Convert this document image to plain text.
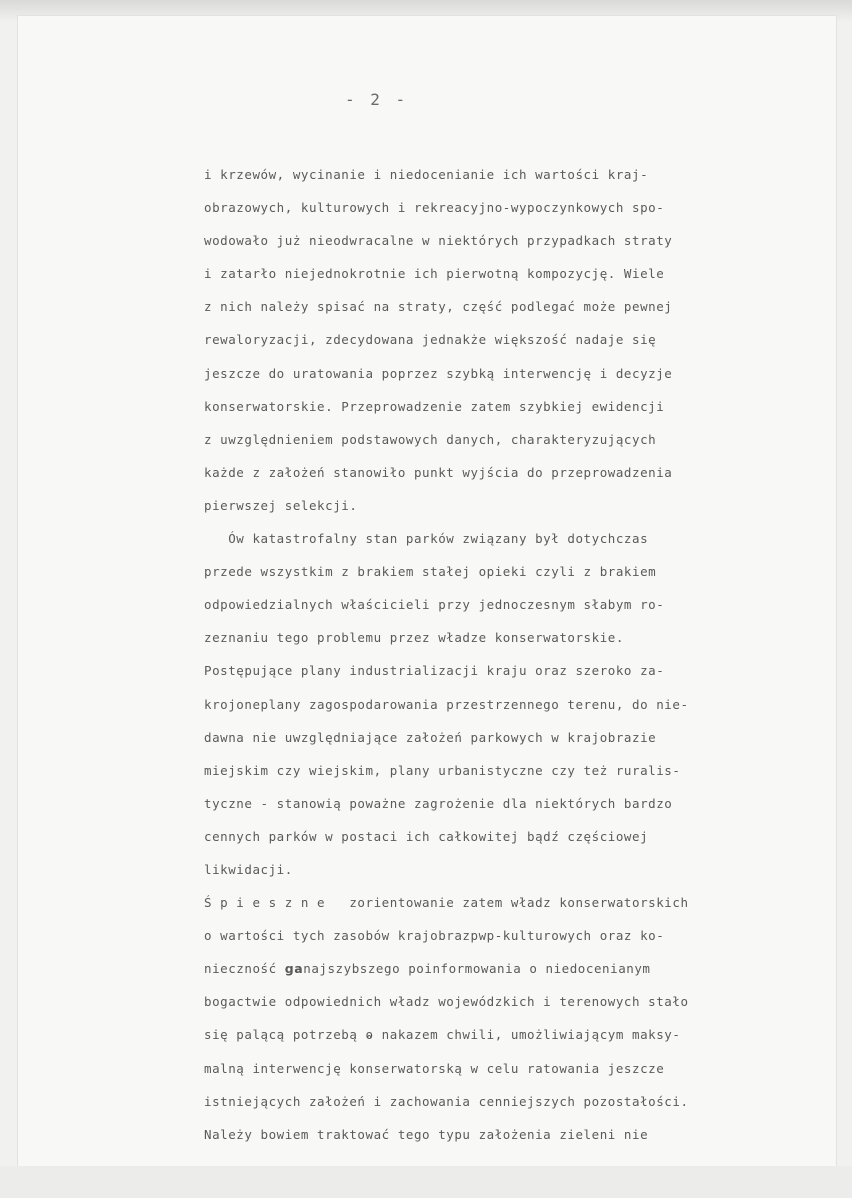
- 2 -
i krzewów, wycinanie i niedocenianie ich wartości kraj-
obrazowych, kulturowych i rekreacyjno-wypoczynkowych spo-
wodowało już nieodwracalne w niektórych przypadkach straty
i zatarło niejednokrotnie ich pierwotną kompozycję. Wiele
z nich należy spisać na straty, część podlegać może pewnej
rewaloryzacji, zdecydowana jednakże większość nadaje się
jeszcze do uratowania poprzez szybką interwencję i decyzje
konserwatorskie. Przeprowadzenie zatem szybkiej ewidencji
z uwzględnieniem podstawowych danych, charakteryzujących
każde z założeń stanowiło punkt wyjścia do przeprowadzenia
pierwszej selekcji.
Ów katastrofalny stan parków związany był dotychczas
przede wszystkim z brakiem stałej opieki czyli z brakiem
odpowiedzialnych właścicieli przy jednoczesnym słabym ro-
zeznaniu tego problemu przez władze konserwatorskie.
Postępujące plany industrializacji kraju oraz szeroko za-
krojoneplany zagospodarowania przestrzennego terenu, do nie-
dawna nie uwzględniające założeń parkowych w krajobrazie
miejskim czy wiejskim, plany urbanistyczne czy też ruralis-
tyczne - stanowią poważne zagrożenie dla niektórych bardzo
cennych parków w postaci ich całkowitej bądź częściowej
likwidacji.
Ś p i e s z n e   zorientowanie zatem władz konserwatorskich
o wartości tych zasobów krajobrazpwp-kulturowych oraz ko-
nieczność 𝗴𝗮najszybszego poinformowania o niedocenianym
bogactwie odpowiednich władz wojewódzkich i terenowych stało
się palącą potrzebą ⱺ nakazem chwili, umożliwiającym maksy-
malną interwencję konserwatorską w celu ratowania jeszcze
istniejących założeń i zachowania cenniejszych pozostałości.
Należy bowiem traktować tego typu założenia zieleni nie
